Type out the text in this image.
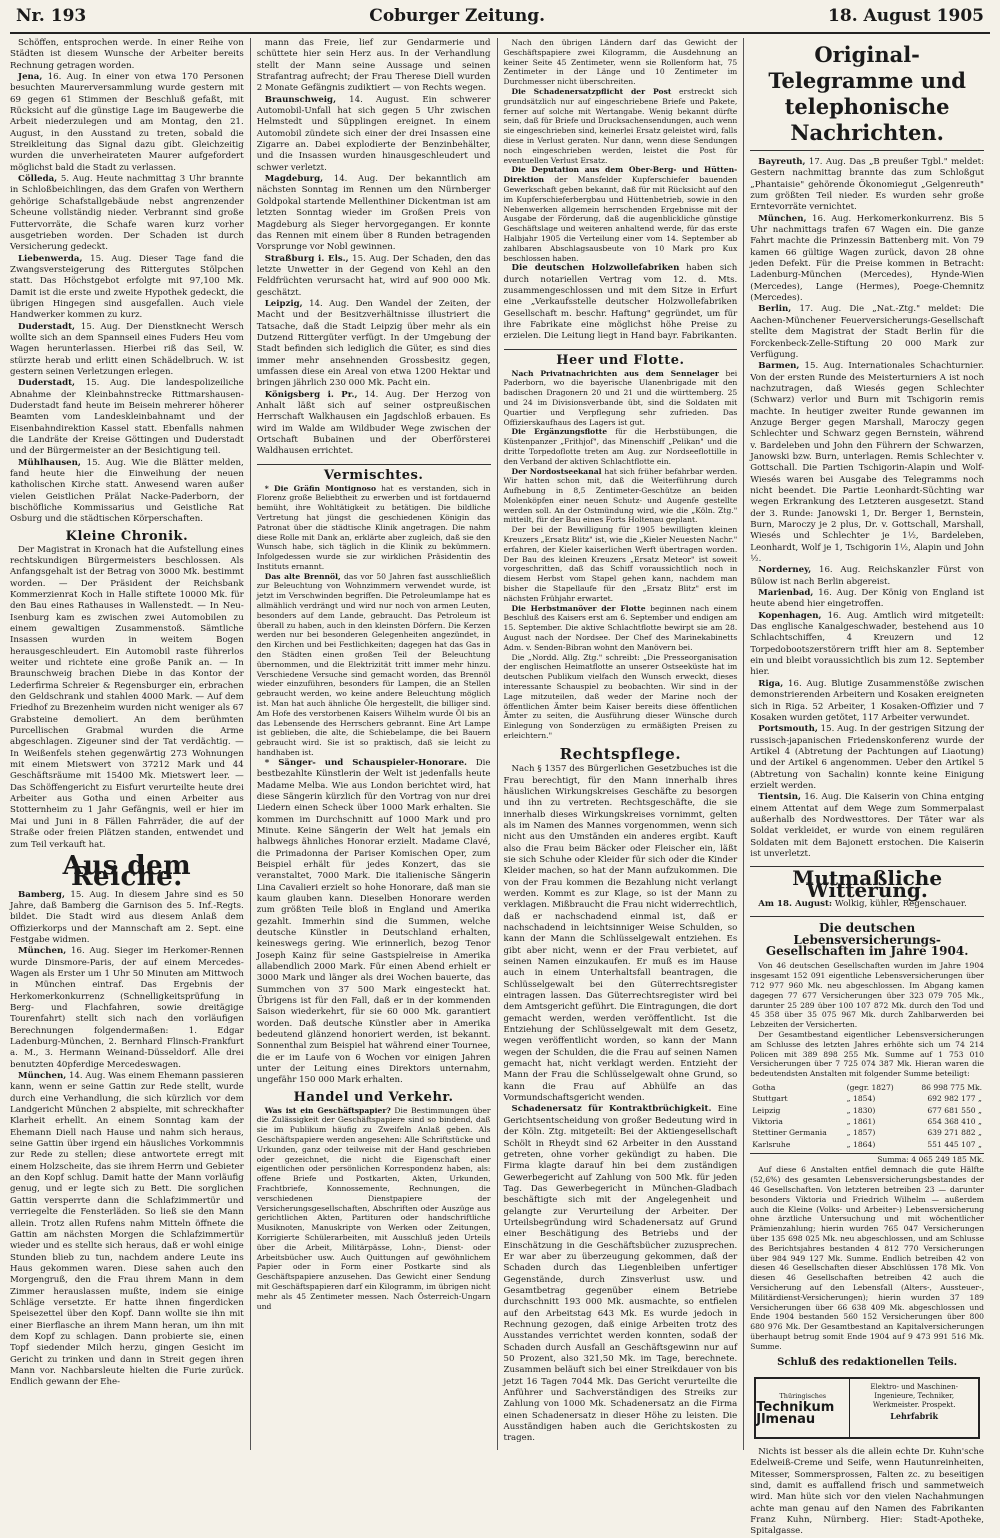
Nr. 193	Coburger Zeitung.	18. August 1905

Schöffen, entsprochen werde. In einer Reihe von Städten ist diesem Wunsche der Arbeiter bereits Rechnung getragen worden.

Jena, 16. Aug. In einer von etwa 170 Personen besuchten Maurerversammlung wurde gestern mit 69 gegen 61 Stimmen der Beschluß gefaßt, mit Rücksicht auf die günstige Lage im Baugewerbe die Arbeit niederzulegen und am Montag, den 21. August, in den Ausstand zu treten, sobald die Streikleitung das Signal dazu gibt. Gleichzeitig wurden die unverheirateten Maurer aufgefordert möglichst bald die Stadt zu verlassen.

Cölleda, 5. Aug. Heute nachmittag 3 Uhr brannte in Schloßbeichlingen, das dem Grafen von Werthern gehörige Schafstallgebäude nebst angrenzender Scheune vollständig nieder. Verbrannt sind große Futtervorräte, die Schafe waren kurz vorher ausgetrieben worden. Der Schaden ist durch Versicherung gedeckt.

Liebenwerda, 15. Aug. Dieser Tage fand die Zwangsversteigerung des Rittergutes Stölpchen statt. Das Höchstgebot erfolgte mit 97,100 Mk. Damit ist die erste und zweite Hypothek gedeckt, die übrigen Hingegen sind ausgefallen. Auch viele Handwerker kommen zu kurz.

Duderstadt, 15. Aug. Der Dienstknecht Wersch wollte sich an dem Spannseil eines Fuders Heu vom Wagen herunterlassen. Hierbei riß das Seil, W. stürzte herab und erlitt einen Schädelbruch. W. ist gestern seinen Verletzungen erlegen.

Duderstadt, 15. Aug. Die landespolizeiliche Abnahme der Kleinbahnstrecke Rittmarshausen-Duderstadt fand heute im Beisein mehrerer höherer Beamten vom Landeskleinbahnamt und der Eisenbahndirektion Kassel statt. Ebenfalls nahmen die Landräte der Kreise Göttingen und Duderstadt und der Bürgermeister an der Besichtigung teil.

Mühlhausen, 15. Aug. Wie die Blätter melden, fand heute hier die Einweihung der neuen katholischen Kirche statt. Anwesend waren außer vielen Geistlichen Prälat Nacke-Paderborn, der bischöfliche Kommissarius und Geistliche Rat Osburg und die städtischen Körperschaften.

Kleine Chronik.

Der Magistrat in Kronach hat die Aufstellung eines rechtskundigen Bürgermeisters beschlossen. Als Anfangsgehalt ist der Betrag von 3000 Mk. bestimmt worden. — Der Präsident der Reichsbank Kommerzienrat Koch in Halle stiftete 10000 Mk. für den Bau eines Rathauses in Wallenstedt. — In Neu-Isenburg kam es zwischen zwei Automobilen zu einem gewaltigen Zusammenstoß. Sämtliche Insassen wurden in weitem Bogen herausgeschleudert. Ein Automobil raste führerlos weiter und richtete eine große Panik an. — In Braunschweig brachen Diebe in das Kontor der Lederfirma Schreier & Regensburger ein, erbrachen den Geldschrank und stahlen 4000 Mark. — Auf dem Friedhof zu Brezenheim wurden nicht weniger als 67 Grabsteine demoliert. An dem berühmten Purcellischen Grabmal wurden die Arme abgeschlagen. Zigeuner sind der Tat verdächtig. — In Weißenfels stehen gegenwärtig 273 Wohnungen mit einem Mietswert von 37212 Mark und 44 Geschäftsräume mit 15400 Mk. Mietswert leer. — Das Schöffengericht zu Eisfurt verurteilte heute drei Arbeiter aus Gotha und einen Arbeiter aus Stotternheim zu 1 Jahr Gefängnis, weil er hier im Mai und Juni in 8 Fällen Fahrräder, die auf der Straße oder freien Plätzen standen, entwendet und zum Teil verkauft hat.

Aus dem Reiche.

Bamberg, 15. Aug. In diesem Jahre sind es 50 Jahre, daß Bamberg die Garnison des 5. Inf.-Regts. bildet. Die Stadt wird aus diesem Anlaß dem Offizierkorps und der Mannschaft am 2. Sept. eine Festgabe widmen.

München, 16. Aug. Sieger im Herkomer-Rennen wurde Dinsmore-Paris, der auf einem Mercedes-Wagen als Erster um 1 Uhr 50 Minuten am Mittwoch in München eintraf. Das Ergebnis der Herkomerkonkurrenz (Schnelligkeitsprüfung in Berg- und Flachfahren, sowie dreitägige Tourenfahrt) stellt sich nach den vorläufigen Berechnungen folgendermaßen: 1. Edgar Ladenburg-München, 2. Bernhard Flinsch-Frankfurt a. M., 3. Hermann Weinand-Düsseldorf. Alle drei benutzten 40pferdige Mercedeswagen.

München, 14. Aug. Was einem Ehemann passieren kann, wenn er seine Gattin zur Rede stellt, wurde durch eine Verhandlung, die sich kürzlich vor dem Landgericht München 2 abspielte, mit schreckhafter Klarheit erhellt. An einem Sonntag kam der Ehemann Diell nach Hause und nahm sich heraus, seine Gattin über irgend ein häusliches Vorkommnis zur Rede zu stellen; diese antwortete erregt mit einem Holzscheite, das sie ihrem Herrn und Gebieter an den Kopf schlug. Damit hatte der Mann vorläufig genug, und er legte sich zu Bett. Die sorglichen Gattin versperrte dann die Schlafzimmertür und verriegelte die Fensterläden. So ließ sie den Mann allein. Trotz allen Rufens nahm Mitteln öffnete die Gattin am nächsten Morgen die Schlafzimmertür wieder und es stellte sich heraus, daß er wohl einige Stunden blieb zu tun, nachdem andere Leute ins Haus gekommen waren. Diese sahen auch den Morgengruß, den die Frau ihrem Mann in dem Zimmer herauslassen mußte, indem sie einige Schläge versetzte. Er hatte ihnen fingerdicken Speisezettel über den Kopf. Dann wollte sie ihn mit einer Bierflasche an ihrem Mann heran, um ihn mit dem Kopf zu schlagen. Dann probierte sie, einen Topf siedender Milch herzu, gingen Gesicht im Gericht zu trinken und dann in Streit gegen ihren Mann vor. Nachbarsleute hielten die Furie zurück. Endlich gewann der Ehe-

mann das Freie, lief zur Gendarmerie und schüttete hier sein Herz aus. In der Verhandlung stellt der Mann seine Aussage und seinen Strafantrag aufrecht; der Frau Therese Diell wurden 2 Monate Gefängnis zudiktiert — von Rechts wegen.

Braunschweig, 14. August. Ein schwerer Automobil-Unfall hat sich gegen 5 Uhr zwischen Helmstedt und Süpplingen ereignet. In einem Automobil zündete sich einer der drei Insassen eine Zigarre an. Dabei explodierte der Benzinbehälter, und die Insassen wurden hinausgeschleudert und schwer verletzt.

Magdeburg, 14. Aug. Der bekanntlich am nächsten Sonntag im Rennen um den Nürnberger Goldpokal startende Mellenthiner Dickentman ist am letzten Sonntag wieder im Großen Preis von Magdeburg als Sieger hervorgegangen. Er konnte das Rennen mit einem über 8 Runden betragenden Vorsprunge vor Nobl gewinnen.

Straßburg i. Els., 15. Aug. Der Schaden, den das letzte Unwetter in der Gegend von Kehl an den Feldfrüchten verursacht hat, wird auf 900 000 Mk. geschätzt.

Leipzig, 14. Aug. Den Wandel der Zeiten, der Macht und der Besitzverhältnisse illustriert die Tatsache, daß die Stadt Leipzig über mehr als ein Dutzend Rittergüter verfügt. In der Umgebung der Stadt befinden sich lediglich die Güter, es sind dies immer mehr ansehnenden Grossbesitz gegen, umfassen diese ein Areal von etwa 1200 Hektar und bringen jährlich 230 000 Mk. Pacht ein.

Königsberg i. Pr., 14. Aug. Der Herzog von Anhalt läßt sich auf seiner ostpreußischen Herrschaft Walkhausen ein Jagdschloß erbauen. Es wird im Walde am Wildbuder Wege zwischen der Ortschaft Bubainen und der Oberförsterei Waldhausen errichtet.

Vermischtes.

* Die Gräfin Montignoso hat es verstanden, sich in Florenz große Beliebtheit zu erwerben und ist fortdauernd bemüht, ihre Wohltätigkeit zu betätigen. Die bildliche Vertretung hat jüngst die geschiedenen Königin das Patronat über die städtische Klinik angetragen. Die nahm diese Rolle mit Dank an, erklärte aber zugleich, daß sie den Wunsch habe, sich täglich in die Klinik zu bekümmern. Infolgedessen wurde sie zur wirklichen Präsidentin des Instituts ernannt.

Das alte Brennöl, das vor 50 Jahren fast ausschließlich zur Beleuchtung von Wohnzimmern verwendet wurde, ist jetzt im Verschwinden begriffen. Die Petroleumlampe hat es allmählich verdrängt und wird nur noch von armen Leuten, besonders auf dem Lande, gebraucht. Das Petroleum ist überall zu haben, auch in den kleinsten Dörfern. Die Kerzen werden nur bei besonderen Gelegenheiten angezündet, in den Kirchen und bei Festlichkeiten; dagegen hat das Gas in den Städten einen großen Teil der Beleuchtung übernommen, und die Elektrizität tritt immer mehr hinzu. Verschiedene Versuche sind gemacht worden, das Brennöl wieder einzuführen, besonders für Lampen, die an Stellen gebraucht werden, wo keine andere Beleuchtung möglich ist. Man hat auch ähnliche Öle hergestellt, die billiger sind. Am Hofe des verstorbenen Kaisers Wilhelm wurde Öl bis an das Lebensende des Herrschers gebrannt. Eine Art Lampe ist geblieben, die alte, die Schiebelampe, die bei Bauern gebraucht wird. Sie ist so praktisch, daß sie leicht zu handhaben ist.

* Sänger- und Schauspieler-Honorare. Die bestbezahlte Künstlerin der Welt ist jedenfalls heute Madame Melba. Wie aus London berichtet wird, hat diese Sängerin kürzlich für den Vortrag von nur drei Liedern einen Scheck über 1000 Mark erhalten. Sie kommen im Durchschnitt auf 1000 Mark und pro Minute. Keine Sängerin der Welt hat jemals ein halbwegs ähnliches Honorar erzielt. Madame Clavé, die Primadonna der Pariser Komischen Oper, zum Beispiel erhält für jedes Konzert, das sie veranstaltet, 7000 Mark. Die italienische Sängerin Lina Cavalieri erzielt so hohe Honorare, daß man sie kaum glauben kann. Dieselben Honorare werden zum größten Teile bloß in England und Amerika gezahlt. Immerhin sind die Summen, welche deutsche Künstler in Deutschland erhalten, keineswegs gering. Wie erinnerlich, bezog Tenor Joseph Kainz für seine Gastspielreise in Amerika allabendlich 2000 Mark. Für einen Abend erhielt er 3000 Mark und länger als drei Wochen bauerte, das Summchen von 37 500 Mark eingesteckt hat. Übrigens ist für den Fall, daß er in der kommenden Saison wiederkehrt, für sie 60 000 Mk. garantiert worden. Daß deutsche Künstler aber in Amerika bedeutend glänzend honoriert werden, ist bekannt. Sonnenthal zum Beispiel hat während einer Tournee, die er im Laufe von 6 Wochen vor einigen Jahren unter der Leitung eines Direktors unternahm, ungefähr 150 000 Mark erhalten.

Handel und Verkehr.

Was ist ein Geschäftspapier? Die Bestimmungen über die Zulässigkeit der Geschäftspapiere sind so bindend, daß sie im Publikum häufig zu Zweifeln Anlaß geben. Als Geschäftspapiere werden angesehen: Alle Schriftstücke und Urkunden, ganz oder teilweise mit der Hand geschrieben oder gezeichnet, die nicht die Eigenschaft einer eigentlichen oder persönlichen Korrespondenz haben, als: offene Briefe und Postkarten, Akten, Urkunden, Frachtbriefe, Konnossemente, Rechnungen, die verschiedenen Dienstpapiere der Versicherungsgesellschaften, Abschriften oder Auszüge aus gerichtlichen Akten, Partituren oder handschriftliche Musiknoten, Manuskripte von Werken oder Zeitungen, Korrigierte Schülerarbeiten, mit Ausschluß jeden Urteils über die Arbeit, Militärpässe, Lohn-, Dienst- oder Arbeitsbücher usw. Auch Quittungen auf gewöhnlichem Papier oder in Form einer Postkarte sind als Geschäftspapiere anzusehen. Das Gewicht einer Sendung mit Geschäftspapieren darf ein Kilogramm, im übrigen nicht mehr als 45 Zentimeter messen. Nach Österreich-Ungarn und

Nach den übrigen Ländern darf das Gewicht der Geschäftspapiere zwei Kilogramm, die Ausdehnung an keiner Seite 45 Zentimeter, wenn sie Rollenform hat, 75 Zentimeter in der Länge und 10 Zentimeter im Durchmesser nicht überschreiten.

Die Schadenersatzpflicht der Post erstreckt sich grundsätzlich nur auf eingeschriebene Briefe und Pakete, ferner auf solche mit Wertangabe. Wenig bekannt dürfte sein, daß für Briefe und Drucksachensendungen, auch wenn sie eingeschrieben sind, keinerlei Ersatz geleistet wird, falls diese in Verlust geraten. Nur dann, wenn diese Sendungen noch eingeschrieben werden, leistet die Post für eventuellen Verlust Ersatz.

Die Deputation aus dem Ober-Berg- und Hütten-Direktion der Mansfelder Kupferschiefer bauenden Gewerkschaft geben bekannt, daß für mit Rücksicht auf den im Kupferschieferbergbau und Hüttenbetrieb, sowie in den Nebenwerken allgemein herrschenden Ergebnisse mit der Ausgabe der Förderung, daß die augenblickliche günstige Geschäftslage und weiteren anhaltend werde, für das erste Halbjahr 1905 die Verteilung einer vom 14. September ab zahlbaren Abschlagsausbeute von 10 Mark pro Kux beschlossen haben.

Die deutschen Holzwollefabriken haben sich durch notariellen Vertrag vom 12. d. Mts. zusammengeschlossen und mit dem Sitze in Erfurt eine „Verkaufsstelle deutscher Holzwollefabriken Gesellschaft m. beschr. Haftung" gegründet, um für ihre Fabrikate eine möglichst höhe Preise zu erzielen. Die Leitung liegt in Hand bayr. Fabrikanten.

Heer und Flotte.

Nach Privatnachrichten aus dem Sennelager bei Paderborn, wo die bayerische Ulanenbrigade mit den badischen Dragonern 20 und 21 und die württemberg. 25 und 24 im Divisionsverbande übt, sind die Soldaten mit Quartier und Verpflegung sehr zufrieden. Das Offizierskaufhaus des Lagers ist gut.

Die Ergänzungsflotte für die Herbstübungen, die Küstenpanzer „Frithjof", das Minenschiff „Pelikan" und die dritte Torpedoflotte treten am Aug. zur Nordseeflottille in den Verband der aktiven Schlachtflotte ein.

Der Nordostseekanal hat sich früher befahrbar werden. Wir hatten schon mit, daß die Weiterführung durch Aufhebung in 8,5 Zentimeter-Geschütze an beiden Molenköpfen einer neuen Schutz- und Augenfe gestellte werden soll. An der Ostmündung wird, wie die „Köln. Ztg." mitteilt, für der Bau eines Forts Holtenau geplant.

Der bei der Bewilligung für 1905 bewilligten kleinen Kreuzers „Ersatz Blitz" ist, wie die „Kieler Neuesten Nachr." erfahren, der Kieler kaiserlichen Werft übertragen worden. Der Bau des kleinen Kreuzers „Ersatz Meteor" ist soweit vorgeschritten, daß das Schiff voraussichtlich noch in diesem Herbst vom Stapel gehen kann, nachdem man bisher die Stapellaufe für den „Ersatz Blitz" erst im nächsten Frühjahr erwartet.

Die Herbstmanöver der Flotte beginnen nach einem Beschluß des Kaisers erst am 6. September und endigen am 15. September. Die aktive Schlachtflotte bewirpt sie am 28. August nach der Nordsee. Der Chef des Marinekabinetts Adm. v. Senden-Bibran wohnt den Manövern bei.

Die „Nordd. Allg. Ztg." schreibt: „Die Presseorganisation der englischen Heimatflotte an unserer Ostseeküste hat im deutschen Publikum vielfach den Wunsch erweckt, dieses interessante Schauspiel zu beobachten. Wir sind in der Lage mitzuteilen, daß weder der Marine noch der öffentlichen Ämter beim Kaiser bereits diese öffentlichen Ämter zu seiten, die Ausführung dieser Wünsche durch Einlegung von Sonderzügen zu ermäßigten Preisen zu erleichtern."

Rechtspflege.

Nach § 1357 des Bürgerlichen Gesetzbuches ist die Frau berechtigt, für den Mann innerhalb ihres häuslichen Wirkungskreises Geschäfte zu besorgen und ihn zu vertreten. Rechtsgeschäfte, die sie innerhalb dieses Wirkungskreises vornimmt, gelten als im Namen des Mannes vorgenommen, wenn sich nicht aus den Umständen ein anderes ergibt. Kauft also die Frau beim Bäcker oder Fleischer ein, läßt sie sich Schuhe oder Kleider für sich oder die Kinder Kleider machen, so hat der Mann aufzukommen. Die von der Frau kommen die Bezahlung nicht verlangt werden. Kommt es zur Klage, so ist der Mann zu verklagen. Mißbraucht die Frau nicht widerrechtlich, daß er nachschadend einmal ist, daß er nachschadend in leichtsinniger Weise Schulden, so kann der Mann die Schlüsselgewalt entziehen. Es gibt aber nicht, wenn er der Frau verbietet, auf seinen Namen einzukaufen. Er muß es im Hause auch in einem Unterhaltsfall beantragen, die Schlüsselgewalt bei den Güterrechtsregister eintragen lassen. Das Güterrechtsregister wird bei dem Amtsgericht geführt. Die Eintragungen, die dort gemacht werden, werden veröffentlicht. Ist die Entziehung der Schlüsselgewalt mit dem Gesetz, wegen veröffentlicht worden, so kann der Mann wegen der Schulden, die die Frau auf seinen Namen gemacht hat, nicht verklagt werden. Entzieht der Mann der Frau die Schlüsselgewalt ohne Grund, so kann die Frau auf Abhülfe an das Vormundschaftsgericht wenden.

Schadenersatz für Kontraktbrüchigkeit. Eine Gerichtsentscheidung von großer Bedeutung wird in der Köln. Ztg. mitgeteilt: Bei der Aktiengesellschaft Schölt in Rheydt sind 62 Arbeiter in den Ausstand getreten, ohne vorher gekündigt zu haben. Die Firma klagte darauf hin bei dem zuständigen Gewerbegericht auf Zahlung von 500 Mk. für jeden Tag. Das Gewerbegericht in München-Gladbach beschäftigte sich mit der Angelegenheit und gelangte zur Verurteilung der Arbeiter. Der Urteilsbegründung wird Schadenersatz auf Grund einer Beschätigung des Betriebs und der Einschätzung in die Geschäftsbücher zuzusprechen. Er war aber zu überzeugung gekommen, daß der Schaden durch das Liegenbleiben unfertiger Gegenstände, durch Zinsverlust usw. und Gesamtbetrag gegenüber einem Betriebe durchschnitt 193 000 Mk. ausmachte, so entfielen auf den Arbeitstag 643 Mk. Es wurde jedoch in Rechnung gezogen, daß einige Arbeiten trotz des Ausstandes verrichtet werden konnten, sodaß der Schaden durch Ausfall an Geschäftsgewinn nur auf 50 Prozent, also 321,50 Mk. im Tage, berechnete. Zusammen beläuft sich bei einer Streikdauer von bis jetzt 16 Tagen 7044 Mk. Das Gericht verurteilte die Anführer und Sachverständigen des Streiks zur Zahlung von 1000 Mk. Schadenersatz an die Firma einen Schadenersatz in dieser Höhe zu leisten. Die Ausständigen haben auch die Gerichtskosten zu tragen.

Original-Telegramme und telephonische Nachrichten.

Bayreuth, 17. Aug. Das „B preußer Tgbl." meldet: Gestern nachmittag brannte das zum Schloßgut „Phantaisie" gehörende Ökonomiegut „Gelgenreuth" zum größten Teil nieder. Es wurden sehr große Erntevorräte vernichtet.

München, 16. Aug. Herkomerkonkurrenz. Bis 5 Uhr nachmittags trafen 67 Wagen ein. Die ganze Fahrt machte die Prinzessin Battenberg mit. Von 79 kamen 66 gültige Wagen zurück, davon 28 ohne jeden Defekt. Für die Preise kommen in Betracht: Ladenburg-München (Mercedes), Hynde-Wien (Mercedes), Lange (Hermes), Poege-Chemnitz (Mercedes).

Berlin, 17. Aug. Die „Nat.-Ztg." meldet: Die Aachen-Münchener Feuerversicherungs-Gesellschaft stellte dem Magistrat der Stadt Berlin für die Forckenbeck-Zelle-Stiftung 20 000 Mark zur Verfügung.

Barmen, 15. Aug. Internationales Schachturnier. Von der ersten Runde des Meisterturniers A ist noch nachzutragen, daß Wiesés gegen Schlechter (Schwarz) verlor und Burn mit Tschigorin remis machte. In heutiger zweiter Runde gewannen im Anzuge Berger gegen Marshall, Maroczy gegen Schlechter und Schwarz gegen Bernstein, während v. Bardeleben und John den Führern der Schwarzen, Janowski bzw. Burn, unterlagen. Remis Schlechter v. Gottschall. Die Partien Tschigorin-Alapin und Wolf-Wiesés waren bei Ausgabe des Telegramms noch nicht beendet. Die Partie Leonhardt-Süchting war wegen Erkrankung des Letzteren ausgesetzt. Stand der 3. Runde: Janowski 1, Dr. Berger 1, Bernstein, Burn, Maroczy je 2 plus, Dr. v. Gottschall, Marshall, Wiesés und Schlechter je 1½, Bardeleben, Leonhardt, Wolf je 1, Tschigorin 1½, Alapin und John ½.

Norderney, 16. Aug. Reichskanzler Fürst von Bülow ist nach Berlin abgereist.

Marienbad, 16. Aug. Der König von England ist heute abend hier eingetroffen.

Kopenhagen, 16. Aug. Amtlich wird mitgeteilt: Das englische Kanalgeschwader, bestehend aus 10 Schlachtschiffen, 4 Kreuzern und 12 Torpedobootszerstörern trifft hier am 8. September ein und bleibt voraussichtlich bis zum 12. September hier.

Riga, 16. Aug. Blutige Zusammenstöße zwischen demonstrierenden Arbeitern und Kosaken ereigneten sich in Riga. 52 Arbeiter, 1 Kosaken-Offizier und 7 Kosaken wurden getötet, 117 Arbeiter verwundet.

Portsmouth, 15. Aug. In der gestrigen Sitzung der russisch-japanischen Friedenskonferenz wurde der Artikel 4 (Abtretung der Pachtungen auf Liaotung) und der Artikel 6 angenommen. Ueber den Artikel 5 (Abtretung von Sachalin) konnte keine Einigung erzielt werden.

Tientsin, 16. Aug. Die Kaiserin von China entging einem Attentat auf dem Wege zum Sommerpalast außerhalb des Nordwesttores. Der Täter war als Soldat verkleidet, er wurde von einem regulären Soldaten mit dem Bajonett erstochen. Die Kaiserin ist unverletzt.

Mutmaßliche Witterung.

Am 18. August: Wolkig, kühler, Regenschauer.

Die deutschen Lebensversicherungs-Gesellschaften im Jahre 1904.

Von 46 deutschen Gesellschaften wurden im Jahre 1904 insgesamt 152 091 eigentliche Lebensversicherungen über 712 977 960 Mk. neu abgeschlossen. Im Abgang kamen dagegen 77 677 Versicherungen über 323 079 705 Mk., darunter 25 289 über 100 107 872 Mk. durch den Tod und 45 358 über 35 075 967 Mk. durch Zahlbarwerden bei Lebzeiten der Versicherten.

Der Gesamtbestand eigentlicher Lebensversicherungen am Schlusse des letzten Jahres erhöhte sich um 74 214 Policen mit 389 898 255 Mk. Summe auf 1 753 010 Versicherungen über 7 725 074 387 Mk. Hieran waren die bedeutendsten Anstalten mit folgender Summe beteiligt:

Gotha	(gegr. 1827)	86 998 775 Mk.
Stuttgart	„ 1854)	692 982 177 „
Leipzig	„ 1830)	677 681 550 „
Viktoria	„ 1861)	654 368 410 „
Stettiner Germania	„ 1857)	639 271 882 „
Karlsruhe	„ 1864)	551 445 107 „
Summa: 4 065 249 185 Mk.

Auf diese 6 Anstalten entfiel demnach die gute Hälfte (52,6%) des gesamten Lebensversicherungsbestandes der 46 Gesellschaften. Von letzteren betreiben 23 — darunter besonders Viktoria und Friedrich Wilhelm — außerdem auch die Kleine (Volks- und Arbeiter-) Lebensversicherung ohne ärztliche Untersuchung und mit wöchentlicher Prämienzahlung; hierin wurden 765 047 Versicherungen über 135 698 025 Mk. neu abgeschlossen, und am Schlusse des Berichtsjahres bestanden 4 812 770 Versicherungen über 984 949 127 Mk. Summe. Endlich betreiben 42 von diesen 46 Gesellschaften dieser Abschlüssen 178 Mk. Von diesen 46 Gesellschaften betreiben 42 auch die Versicherung auf den Lebensfall (Alters-, Aussteuer-, Militärdienst-Versicherungen); hierin wurden 37 189 Versicherungen über 66 638 409 Mk. abgeschlossen und Ende 1904 bestanden 560 152 Versicherungen über 800 680 976 Mk. Der Gesamtbestand an Kapitalversicherungen überhaupt betrug somit Ende 1904 auf 9 473 991 516 Mk. Summe.

Schluß des redaktionellen Teils.
Thüringisches
Technikum Jlmenau
Elektro- und Maschinen-Ingenieure, Techniker, Werkmeister. Prospekt.
Lehrfabrik

Nichts ist besser als die allein echte Dr. Kuhn'sche Edelweiß-Creme und Seife, wenn Hautunreinheiten, Mitesser, Sommersprossen, Falten zc. zu beseitigen sind, damit es auffallend frisch und sammetweich wird. Man hüte sich vor den vielen Nachahmungen achte man genau auf den Namen des Fabrikanten Franz Kuhn, Nürnberg. Hier: Stadt-Apotheke, Spitalgasse.
